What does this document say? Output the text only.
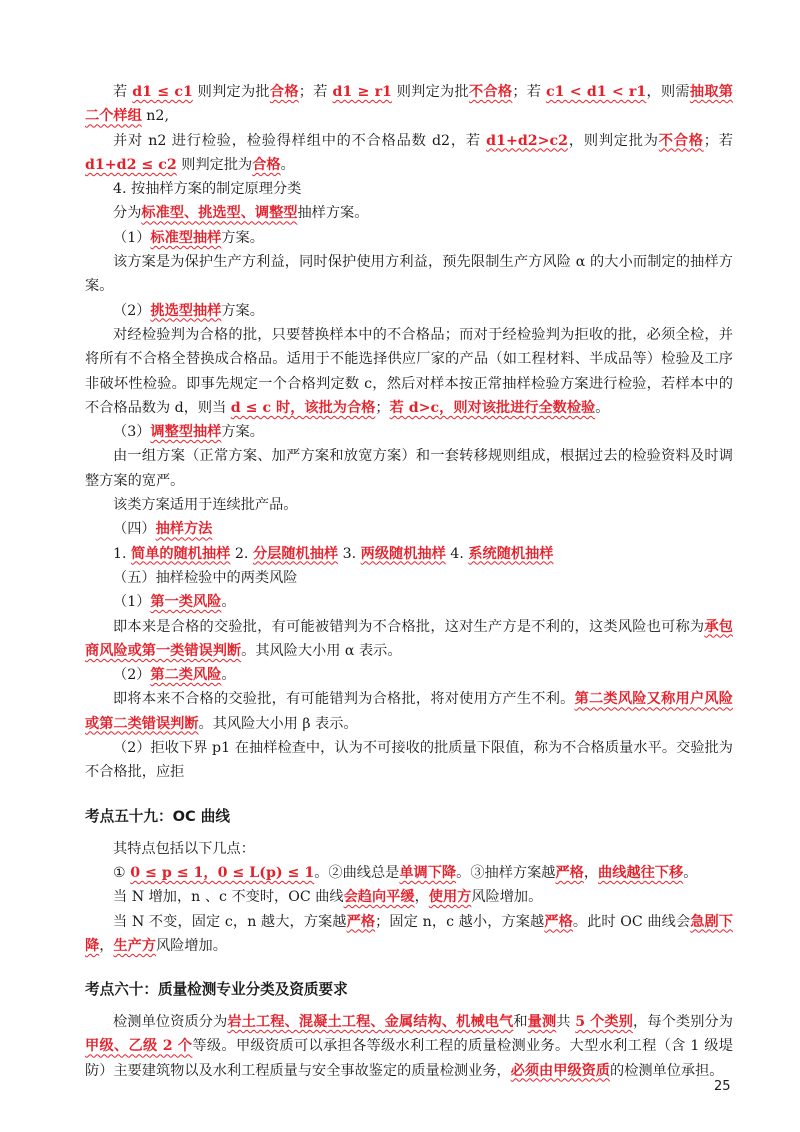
若 d1 ≤ c1 则判定为批合格；若 d1 ≥ r1 则判定为批不合格；若 c1 < d1 < r1，则需抽取第二个样组 n2,

并对 n2 进行检验，检验得样组中的不合格品数 d2，若 d1+d2>c2，则判定批为不合格；若 d1+d2 ≤ c2 则判定批为合格。

4. 按抽样方案的制定原理分类

分为标准型、挑选型、调整型抽样方案。

（1）标准型抽样方案。

该方案是为保护生产方利益，同时保护使用方利益，预先限制生产方风险 α 的大小而制定的抽样方案。

（2）挑选型抽样方案。

对经检验判为合格的批，只要替换样本中的不合格品；而对于经检验判为拒收的批，必须全检，并将所有不合格全替换成合格品。适用于不能选择供应厂家的产品（如工程材料、半成品等）检验及工序非破坏性检验。即事先规定一个合格判定数 c，然后对样本按正常抽样检验方案进行检验，若样本中的不合格品数为 d，则当 d ≤ c 时，该批为合格；若 d>c，则对该批进行全数检验。

（3）调整型抽样方案。

由一组方案（正常方案、加严方案和放宽方案）和一套转移规则组成，根据过去的检验资料及时调整方案的宽严。

该类方案适用于连续批产品。

（四）抽样方法

1. 简单的随机抽样 2. 分层随机抽样 3. 两级随机抽样 4. 系统随机抽样

（五）抽样检验中的两类风险

（1）第一类风险。

即本来是合格的交验批，有可能被错判为不合格批，这对生产方是不利的，这类风险也可称为承包商风险或第一类错误判断。其风险大小用 α 表示。

（2）第二类风险。

即将本来不合格的交验批，有可能错判为合格批，将对使用方产生不利。第二类风险又称用户风险或第二类错误判断。其风险大小用 β 表示。

（2）拒收下界 p1 在抽样检查中，认为不可接收的批质量下限值，称为不合格质量水平。交验批为不合格批，应拒

考点五十九：OC 曲线

其特点包括以下几点：

① 0 ≤ p ≤ 1，0 ≤ L(p) ≤ 1。②曲线总是单调下降。③抽样方案越严格，曲线越往下移。

当 N 增加，n 、c 不变时，OC 曲线会趋向平缓，使用方风险增加。

当 N 不变，固定 c，n 越大，方案越严格；固定 n，c 越小，方案越严格。此时 OC 曲线会急剧下降，生产方风险增加。

考点六十：质量检测专业分类及资质要求

检测单位资质分为岩土工程、混凝土工程、金属结构、机械电气和量测共 5 个类别，每个类别分为甲级、乙级 2 个等级。甲级资质可以承担各等级水利工程的质量检测业务。大型水利工程（含 1 级堤防）主要建筑物以及水利工程质量与安全事故鉴定的质量检测业务，必须由甲级资质的检测单位承担。

25
